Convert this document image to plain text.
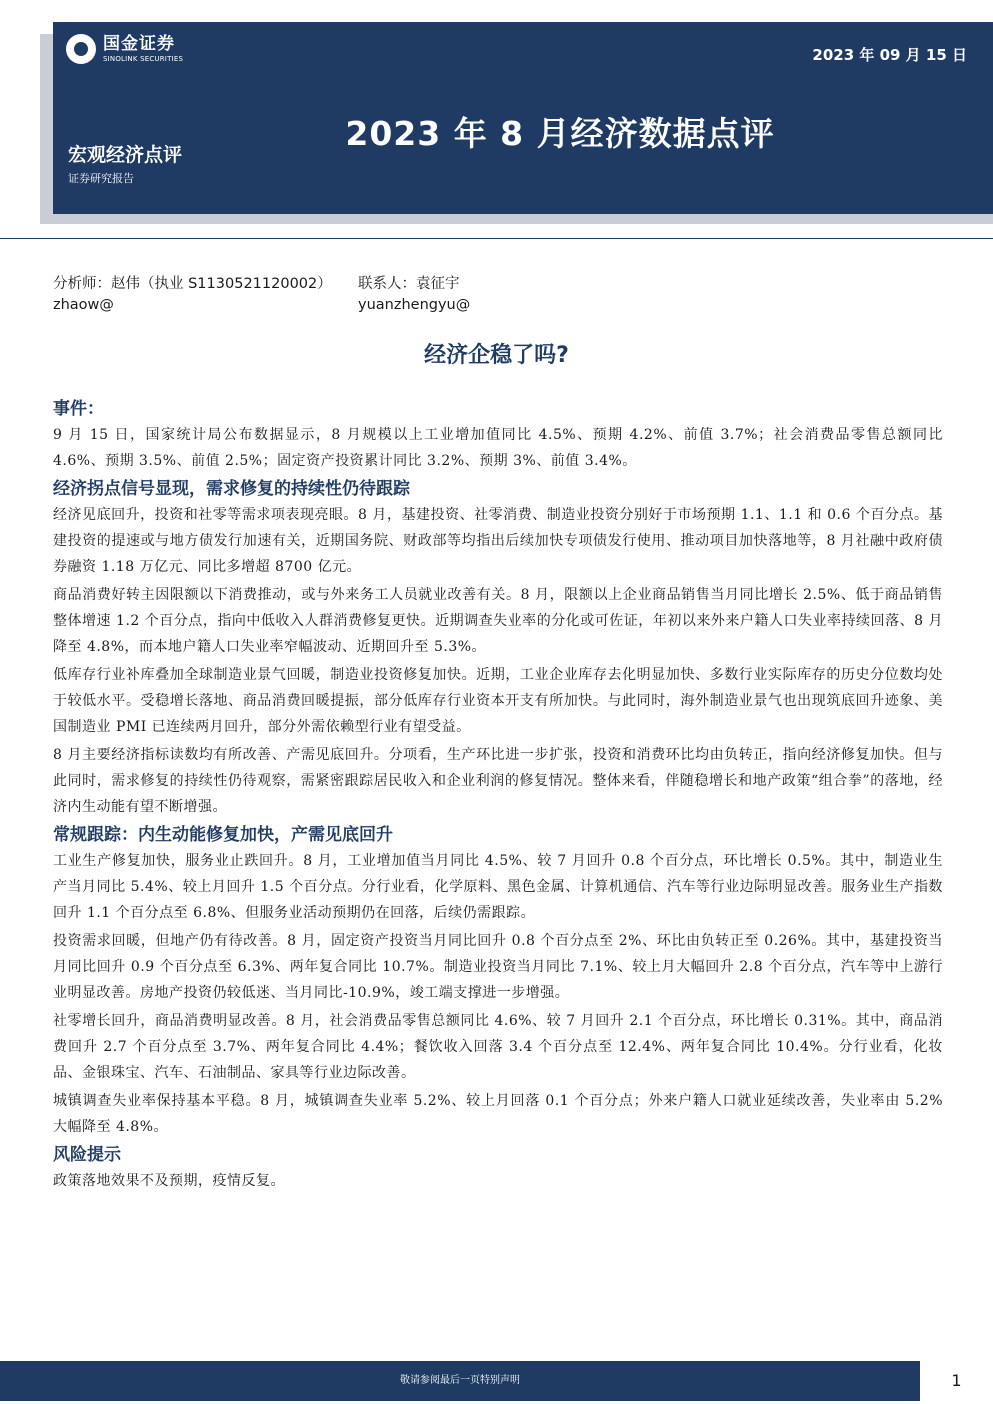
国金证券
SINOLINK SECURITIES	2023 年 09 月 15 日
2023 年 8 月经济数据点评
宏观经济点评
证券研究报告
分析师：赵伟（执业 S1130521120002）
zhaow@
联系人：袁征宇
yuanzhengyu@
经济企稳了吗?
事件：

9 月 15 日，国家统计局公布数据显示，8 月规模以上工业增加值同比 4.5%、预期 4.2%、前值 3.7%；社会消费品零售总额同比 4.6%、预期 3.5%、前值 2.5%；固定资产投资累计同比 3.2%、预期 3%、前值 3.4%。

经济拐点信号显现，需求修复的持续性仍待跟踪

经济见底回升，投资和社零等需求项表现亮眼。8 月，基建投资、社零消费、制造业投资分别好于市场预期 1.1、1.1 和 0.6 个百分点。基建投资的提速或与地方债发行加速有关，近期国务院、财政部等均指出后续加快专项债发行使用、推动项目加快落地等，8 月社融中政府债券融资 1.18 万亿元、同比多增超 8700 亿元。

商品消费好转主因限额以下消费推动，或与外来务工人员就业改善有关。8 月，限额以上企业商品销售当月同比增长 2.5%、低于商品销售整体增速 1.2 个百分点，指向中低收入人群消费修复更快。近期调查失业率的分化或可佐证，年初以来外来户籍人口失业率持续回落、8 月降至 4.8%，而本地户籍人口失业率窄幅波动、近期回升至 5.3%。

低库存行业补库叠加全球制造业景气回暖，制造业投资修复加快。近期，工业企业库存去化明显加快、多数行业实际库存的历史分位数均处于较低水平。受稳增长落地、商品消费回暖提振，部分低库存行业资本开支有所加快。与此同时，海外制造业景气也出现筑底回升迹象、美国制造业 PMI 已连续两月回升，部分外需依赖型行业有望受益。

8 月主要经济指标读数均有所改善、产需见底回升。分项看，生产环比进一步扩张，投资和消费环比均由负转正，指向经济修复加快。但与此同时，需求修复的持续性仍待观察，需紧密跟踪居民收入和企业利润的修复情况。整体来看，伴随稳增长和地产政策“组合拳”的落地，经济内生动能有望不断增强。

常规跟踪：内生动能修复加快，产需见底回升

工业生产修复加快，服务业止跌回升。8 月，工业增加值当月同比 4.5%、较 7 月回升 0.8 个百分点，环比增长 0.5%。其中，制造业生产当月同比 5.4%、较上月回升 1.5 个百分点。分行业看，化学原料、黑色金属、计算机通信、汽车等行业边际明显改善。服务业生产指数回升 1.1 个百分点至 6.8%、但服务业活动预期仍在回落，后续仍需跟踪。

投资需求回暖，但地产仍有待改善。8 月，固定资产投资当月同比回升 0.8 个百分点至 2%、环比由负转正至 0.26%。其中，基建投资当月同比回升 0.9 个百分点至 6.3%、两年复合同比 10.7%。制造业投资当月同比 7.1%、较上月大幅回升 2.8 个百分点，汽车等中上游行业明显改善。房地产投资仍较低迷、当月同比-10.9%，竣工端支撑进一步增强。

社零增长回升，商品消费明显改善。8 月，社会消费品零售总额同比 4.6%、较 7 月回升 2.1 个百分点，环比增长 0.31%。其中，商品消费回升 2.7 个百分点至 3.7%、两年复合同比 4.4%；餐饮收入回落 3.4 个百分点至 12.4%、两年复合同比 10.4%。分行业看，化妆品、金银珠宝、汽车、石油制品、家具等行业边际改善。

城镇调查失业率保持基本平稳。8 月，城镇调查失业率 5.2%、较上月回落 0.1 个百分点；外来户籍人口就业延续改善，失业率由 5.2% 大幅降至 4.8%。

风险提示

政策落地效果不及预期，疫情反复。

敬请参阅最后一页特别声明	1
